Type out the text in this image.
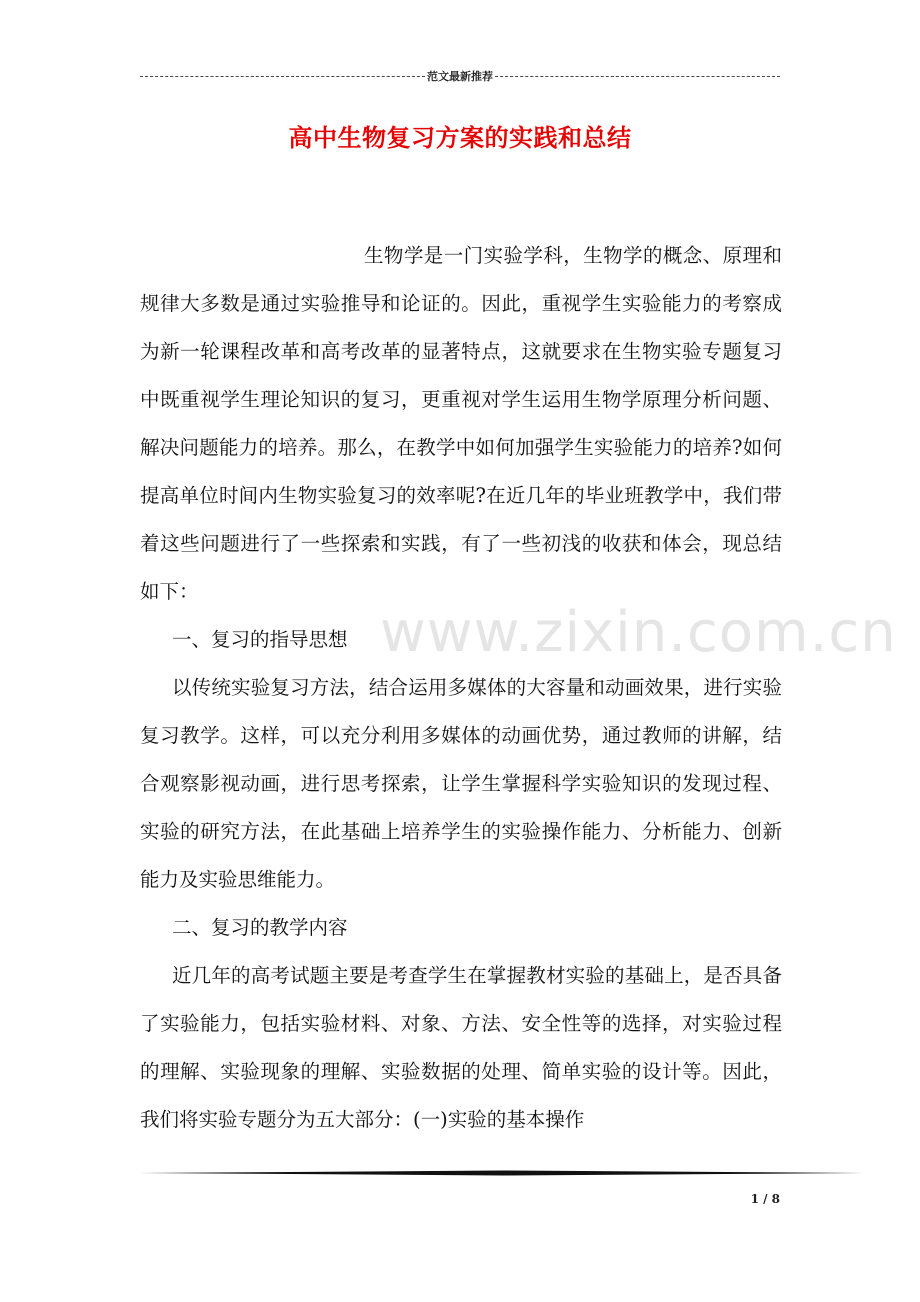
范文最新推荐
高中生物复习方案的实践和总结
www.zixin.com.cn

生物学是一门实验学科，生物学的概念、原理和规律大多数是通过实验推导和论证的。因此，重视学生实验能力的考察成为新一轮课程改革和高考改革的显著特点，这就要求在生物实验专题复习中既重视学生理论知识的复习，更重视对学生运用生物学原理分析问题、解决问题能力的培养。那么，在教学中如何加强学生实验能力的培养?如何提高单位时间内生物实验复习的效率呢?在近几年的毕业班教学中，我们带着这些问题进行了一些探索和实践，有了一些初浅的收获和体会，现总结如下：

一、复习的指导思想

以传统实验复习方法，结合运用多媒体的大容量和动画效果，进行实验复习教学。这样，可以充分利用多媒体的动画优势，通过教师的讲解，结合观察影视动画，进行思考探索，让学生掌握科学实验知识的发现过程、实验的研究方法，在此基础上培养学生的实验操作能力、分析能力、创新能力及实验思维能力。

二、复习的教学内容

近几年的高考试题主要是考查学生在掌握教材实验的基础上，是否具备了实验能力，包括实验材料、对象、方法、安全性等的选择，对实验过程的理解、实验现象的理解、实验数据的处理、简单实验的设计等。因此，我们将实验专题分为五大部分：(一)实验的基本操作

1 / 8
